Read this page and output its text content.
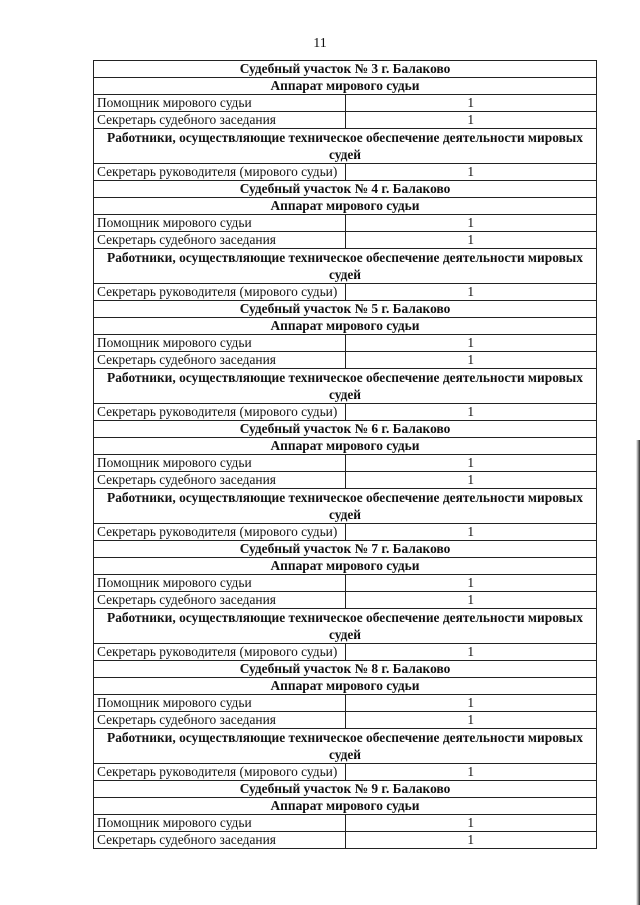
11
Судебный участок № 3 г. Балаково	
Аппарат мирового судьи	
Помощник мирового судьи	1
Секретарь судебного заседания	1
Работники, осуществляющие техническое обеспечение деятельности мировых судей	
Секретарь руководителя (мирового судьи)	1
Судебный участок № 4 г. Балаково	
Аппарат мирового судьи	
Помощник мирового судьи	1
Секретарь судебного заседания	1
Работники, осуществляющие техническое обеспечение деятельности мировых судей	
Секретарь руководителя (мирового судьи)	1
Судебный участок № 5 г. Балаково	
Аппарат мирового судьи	
Помощник мирового судьи	1
Секретарь судебного заседания	1
Работники, осуществляющие техническое обеспечение деятельности мировых судей	
Секретарь руководителя (мирового судьи)	1
Судебный участок № 6 г. Балаково	
Аппарат мирового судьи	
Помощник мирового судьи	1
Секретарь судебного заседания	1
Работники, осуществляющие техническое обеспечение деятельности мировых судей	
Секретарь руководителя (мирового судьи)	1
Судебный участок № 7 г. Балаково	
Аппарат мирового судьи	
Помощник мирового судьи	1
Секретарь судебного заседания	1
Работники, осуществляющие техническое обеспечение деятельности мировых судей	
Секретарь руководителя (мирового судьи)	1
Судебный участок № 8 г. Балаково	
Аппарат мирового судьи	
Помощник мирового судьи	1
Секретарь судебного заседания	1
Работники, осуществляющие техническое обеспечение деятельности мировых судей	
Секретарь руководителя (мирового судьи)	1
Судебный участок № 9 г. Балаково	
Аппарат мирового судьи	
Помощник мирового судьи	1
Секретарь судебного заседания	1
